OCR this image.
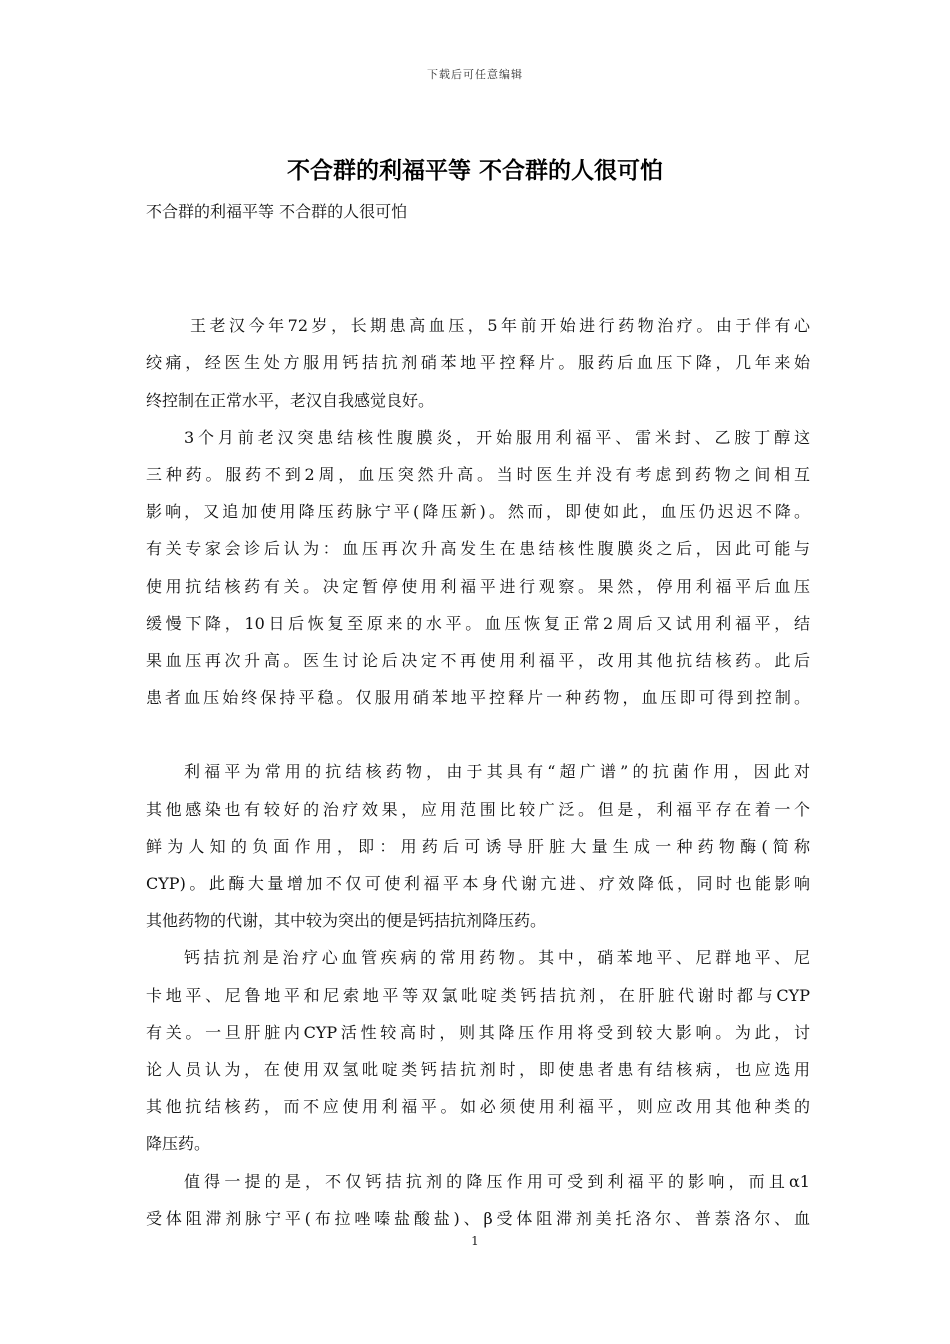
下载后可任意编辑
不合群的利福平等 不合群的人很可怕
不合群的利福平等 不合群的人很可怕
王老汉今年72岁，长期患高血压，5年前开始进行药物治疗。由于伴有心
绞痛，经医生处方服用钙拮抗剂硝苯地平控释片。服药后血压下降，几年来始
终控制在正常水平，老汉自我感觉良好。
3个月前老汉突患结核性腹膜炎，开始服用利福平、雷米封、乙胺丁醇这
三种药。服药不到2周，血压突然升高。当时医生并没有考虑到药物之间相互
影响，又追加使用降压药脉宁平(降压新)。然而，即使如此，血压仍迟迟不降。
有关专家会诊后认为：血压再次升高发生在患结核性腹膜炎之后，因此可能与
使用抗结核药有关。决定暂停使用利福平进行观察。果然，停用利福平后血压
缓慢下降，10日后恢复至原来的水平。血压恢复正常2周后又试用利福平，结
果血压再次升高。医生讨论后决定不再使用利福平，改用其他抗结核药。此后
患者血压始终保持平稳。仅服用硝苯地平控释片一种药物，血压即可得到控制。
利福平为常用的抗结核药物，由于其具有“超广谱”的抗菌作用，因此对
其他感染也有较好的治疗效果，应用范围比较广泛。但是，利福平存在着一个
鲜为人知的负面作用，即：用药后可诱导肝脏大量生成一种药物酶(简称
CYP)。此酶大量增加不仅可使利福平本身代谢亢进、疗效降低，同时也能影响
其他药物的代谢，其中较为突出的便是钙拮抗剂降压药。
钙拮抗剂是治疗心血管疾病的常用药物。其中，硝苯地平、尼群地平、尼
卡地平、尼鲁地平和尼索地平等双氯吡啶类钙拮抗剂，在肝脏代谢时都与CYP
有关。一旦肝脏内CYP活性较高时，则其降压作用将受到较大影响。为此，讨
论人员认为，在使用双氢吡啶类钙拮抗剂时，即使患者患有结核病，也应选用
其他抗结核药，而不应使用利福平。如必须使用利福平，则应改用其他种类的
降压药。
值得一提的是，不仅钙拮抗剂的降压作用可受到利福平的影响，而且α1
受体阻滞剂脉宁平(布拉唑嗪盐酸盐)、β受体阻滞剂美托洛尔、普萘洛尔、血
1
